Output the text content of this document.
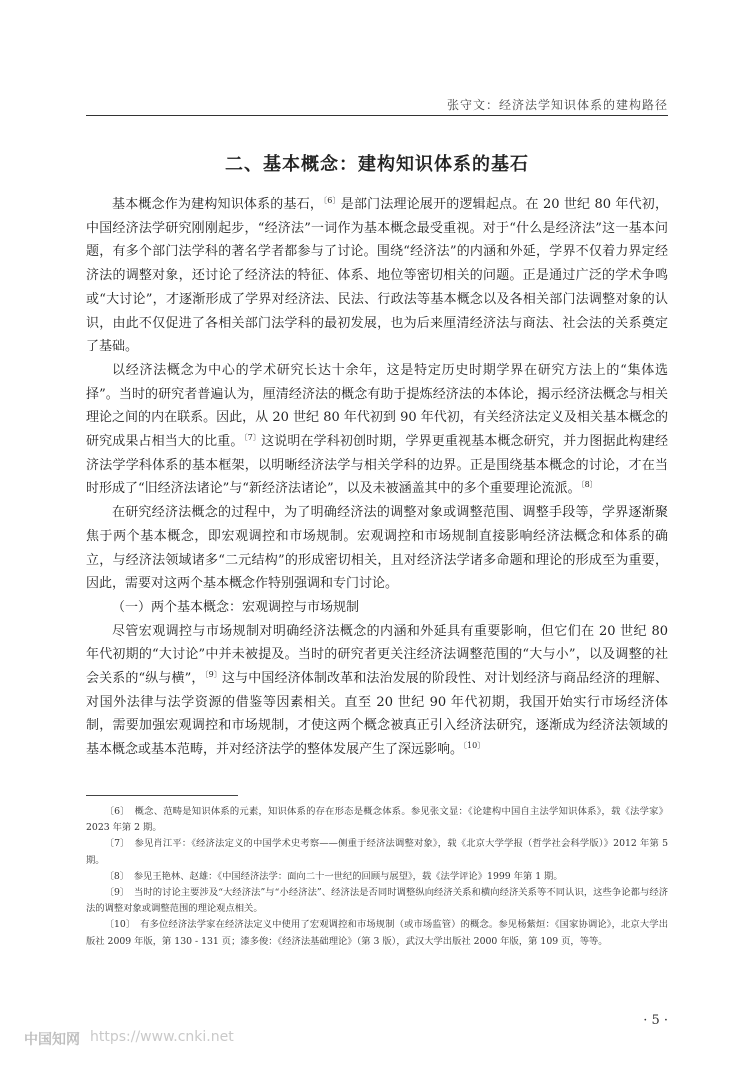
张守文：经济法学知识体系的建构路径
二、基本概念：建构知识体系的基石

基本概念作为建构知识体系的基石，$^{〔6〕}$是部门法理论展开的逻辑起点。在 20 世纪 80 年代初，中国经济法学研究刚刚起步，“经济法”一词作为基本概念最受重视。对于“什么是经济法”这一基本问题，有多个部门法学科的著名学者都参与了讨论。围绕“经济法”的内涵和外延，学界不仅着力界定经济法的调整对象，还讨论了经济法的特征、体系、地位等密切相关的问题。正是通过广泛的学术争鸣或“大讨论”，才逐渐形成了学界对经济法、民法、行政法等基本概念以及各相关部门法调整对象的认识，由此不仅促进了各相关部门法学科的最初发展，也为后来厘清经济法与商法、社会法的关系奠定了基础。

以经济法概念为中心的学术研究长达十余年，这是特定历史时期学界在研究方法上的“集体选择”。当时的研究者普遍认为，厘清经济法的概念有助于提炼经济法的本体论，揭示经济法概念与相关理论之间的内在联系。因此，从 20 世纪 80 年代初到 90 年代初，有关经济法定义及相关基本概念的研究成果占相当大的比重。$^{〔7〕}$这说明在学科初创时期，学界更重视基本概念研究，并力图据此构建经济法学学科体系的基本框架，以明晰经济法学与相关学科的边界。正是围绕基本概念的讨论，才在当时形成了“旧经济法诸论”与“新经济法诸论”，以及未被涵盖其中的多个重要理论流派。$^{〔8〕}$

在研究经济法概念的过程中，为了明确经济法的调整对象或调整范围、调整手段等，学界逐渐聚焦于两个基本概念，即宏观调控和市场规制。宏观调控和市场规制直接影响经济法概念和体系的确立，与经济法领域诸多“二元结构”的形成密切相关，且对经济法学诸多命题和理论的形成至为重要，因此，需要对这两个基本概念作特别强调和专门讨论。

（一）两个基本概念：宏观调控与市场规制

尽管宏观调控与市场规制对明确经济法概念的内涵和外延具有重要影响，但它们在 20 世纪 80 年代初期的“大讨论”中并未被提及。当时的研究者更关注经济法调整范围的“大与小”，以及调整的社会关系的“纵与横”，$^{〔9〕}$这与中国经济体制改革和法治发展的阶段性、对计划经济与商品经济的理解、对国外法律与法学资源的借鉴等因素相关。直至 20 世纪 90 年代初期，我国开始实行市场经济体制，需要加强宏观调控和市场规制，才使这两个概念被真正引入经济法研究，逐渐成为经济法领域的基本概念或基本范畴，并对经济法学的整体发展产生了深远影响。$^{〔10〕}$

〔6〕　概念、范畴是知识体系的元素，知识体系的存在形态是概念体系。参见张文显：《论建构中国自主法学知识体系》，载《法学家》2023 年第 2 期。
〔7〕　参见肖江平：《经济法定义的中国学术史考察——侧重于经济法调整对象》，载《北京大学学报（哲学社会科学版）》2012 年第 5 期。
〔8〕　参见王艳林、赵雄：《中国经济法学：面向二十一世纪的回顾与展望》，载《法学评论》1999 年第 1 期。
〔9〕　当时的讨论主要涉及“大经济法”与“小经济法”、经济法是否同时调整纵向经济关系和横向经济关系等不同认识，这些争论都与经济法的调整对象或调整范围的理论观点相关。
〔10〕　有多位经济法学家在经济法定义中使用了宏观调控和市场规制（或市场监管）的概念。参见杨紫烜：《国家协调论》，北京大学出版社 2009 年版，第 130 - 131 页；漆多俊：《经济法基础理论》（第 3 版），武汉大学出版社 2000 年版，第 109 页，等等。
· 5 ·
中国知网 https://www.cnki.net
